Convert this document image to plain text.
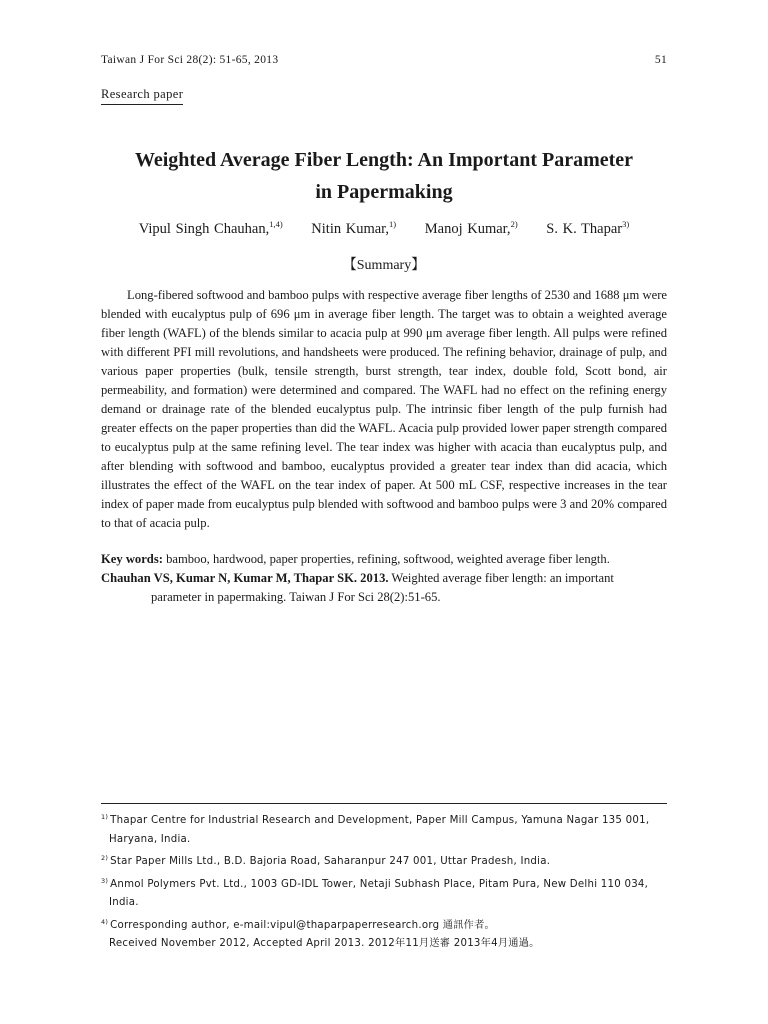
Taiwan J For Sci 28(2): 51-65, 2013	51
Research paper
Weighted Average Fiber Length: An Important Parameter
in Papermaking
Vipul Singh Chauhan,$^{1,4)}$ Nitin Kumar,$^{1)}$ Manoj Kumar,$^{2)}$ S. K. Thapar$^{3)}$
【Summary】

Long-fibered softwood and bamboo pulps with respective average fiber lengths of 2530 and 1688 μm were blended with eucalyptus pulp of 696 μm in average fiber length. The target was to obtain a weighted average fiber length (WAFL) of the blends similar to acacia pulp at 990 μm average fiber length. All pulps were refined with different PFI mill revolutions, and handsheets were produced. The refining behavior, drainage of pulp, and various paper properties (bulk, tensile strength, burst strength, tear index, double fold, Scott bond, air permeability, and formation) were determined and compared. The WAFL had no effect on the refining energy demand or drainage rate of the blended eucalyptus pulp. The intrinsic fiber length of the pulp furnish had greater effects on the paper properties than did the WAFL. Acacia pulp provided lower paper strength compared to eucalyptus pulp at the same refining level. The tear index was higher with acacia than eucalyptus pulp, and after blending with softwood and bamboo, eucalyptus provided a greater tear index than did acacia, which illustrates the effect of the WAFL on the tear index of paper. At 500 mL CSF, respective increases in the tear index of paper made from eucalyptus pulp blended with softwood and bamboo pulps were 3 and 20% compared to that of acacia pulp.

Key words: bamboo, hardwood, paper properties, refining, softwood, weighted average fiber length.

Chauhan VS, Kumar N, Kumar M, Thapar SK. 2013. Weighted average fiber length: an important parameter in papermaking. Taiwan J For Sci 28(2):51-65.

$^{1)}$ Thapar Centre for Industrial Research and Development, Paper Mill Campus, Yamuna Nagar 135 001, Haryana, India.

$^{2)}$ Star Paper Mills Ltd., B.D. Bajoria Road, Saharanpur 247 001, Uttar Pradesh, India.

$^{3)}$ Anmol Polymers Pvt. Ltd., 1003 GD-IDL Tower, Netaji Subhash Place, Pitam Pura, New Delhi 110 034, India.

$^{4)}$ Corresponding author, e-mail:vipul@thaparpaperresearch.org 通訊作者。

Received November 2012, Accepted April 2013. 2012年11月送審 2013年4月通過。
